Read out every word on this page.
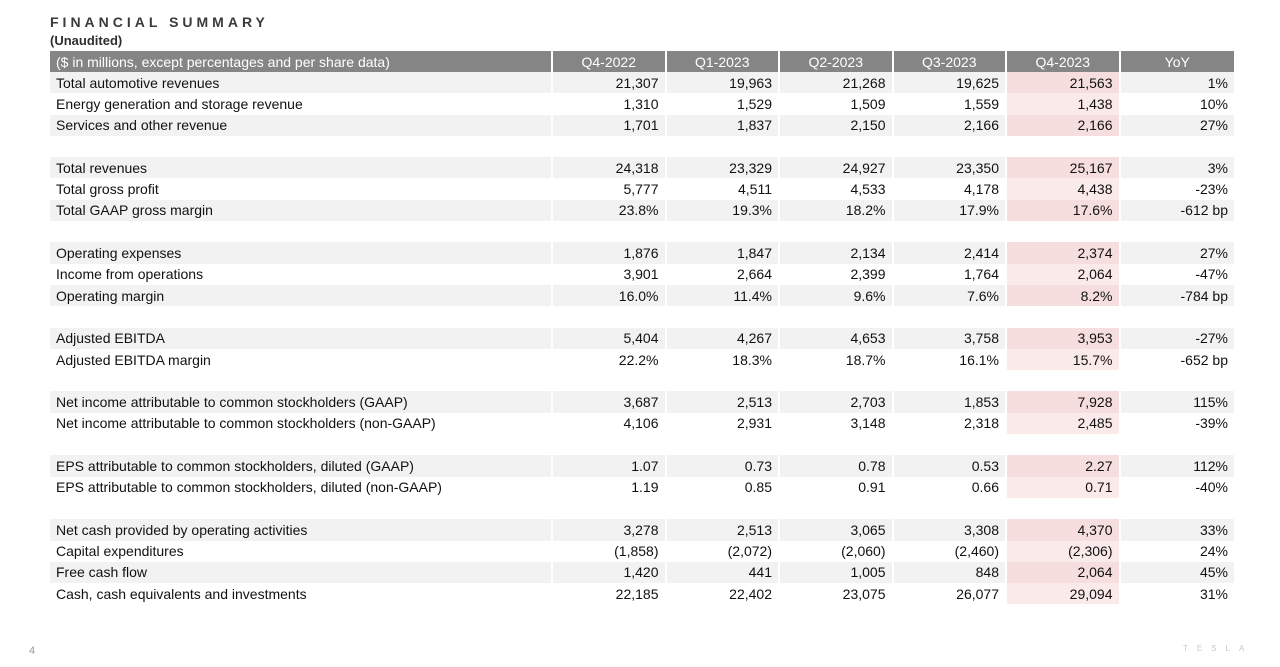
FINANCIAL SUMMARY
(Unaudited)
($ in millions, except percentages and per share data)	Q4-2022	Q1-2023	Q2-2023	Q3-2023	Q4-2023	YoY
Total automotive revenues	21,307	19,963	21,268	19,625	21,563	1%
Energy generation and storage revenue	1,310	1,529	1,509	1,559	1,438	10%
Services and other revenue	1,701	1,837	2,150	2,166	2,166	27%

Total revenues	24,318	23,329	24,927	23,350	25,167	3%
Total gross profit	5,777	4,511	4,533	4,178	4,438	-23%
Total GAAP gross margin	23.8%	19.3%	18.2%	17.9%	17.6%	-612 bp

Operating expenses	1,876	1,847	2,134	2,414	2,374	27%
Income from operations	3,901	2,664	2,399	1,764	2,064	-47%
Operating margin	16.0%	11.4%	9.6%	7.6%	8.2%	-784 bp

Adjusted EBITDA	5,404	4,267	4,653	3,758	3,953	-27%
Adjusted EBITDA margin	22.2%	18.3%	18.7%	16.1%	15.7%	-652 bp

Net income attributable to common stockholders (GAAP)	3,687	2,513	2,703	1,853	7,928	115%
Net income attributable to common stockholders (non-GAAP)	4,106	2,931	3,148	2,318	2,485	-39%

EPS attributable to common stockholders, diluted (GAAP)	1.07	0.73	0.78	0.53	2.27	112%
EPS attributable to common stockholders, diluted (non-GAAP)	1.19	0.85	0.91	0.66	0.71	-40%

Net cash provided by operating activities	3,278	2,513	3,065	3,308	4,370	33%
Capital expenditures	(1,858)	(2,072)	(2,060)	(2,460)	(2,306)	24%
Free cash flow	1,420	441	1,005	848	2,064	45%
Cash, cash equivalents and investments	22,185	22,402	23,075	26,077	29,094	31%
4	TESLA
